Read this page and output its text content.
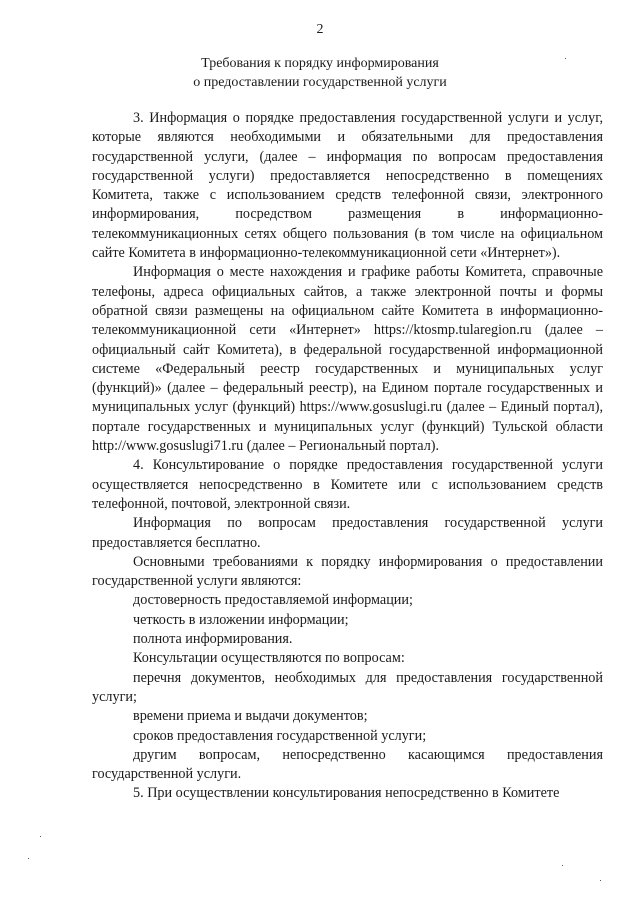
2
Требования к порядку информирования
о предоставлении государственной услуги

3. Информация о порядке предоставления государственной услуги и услуг, которые являются необходимыми и обязательными для предоставления государственной услуги, (далее – информация по вопросам предоставления государственной услуги) предоставляется непосредственно в помещениях Комитета, также с использованием средств телефонной связи, электронного информирования, посредством размещения в информационно-телекоммуникационных сетях общего пользования (в том числе на официальном сайте Комитета в информационно-телекоммуникационной сети «Интернет»).

Информация о месте нахождения и графике работы Комитета, справочные телефоны, адреса официальных сайтов, а также электронной почты и формы обратной связи размещены на официальном сайте Комитета в информационно-телекоммуникационной сети «Интернет» https://ktosmp.tularegion.ru (далее – официальный сайт Комитета), в федеральной государственной информационной системе «Федеральный реестр государственных и муниципальных услуг (функций)» (далее – федеральный реестр), на Едином портале государственных и муниципальных услуг (функций) https://www.gosuslugi.ru (далее – Единый портал), портале государственных и муниципальных услуг (функций) Тульской области http://www.gosuslugi71.ru (далее – Региональный портал).

4. Консультирование о порядке предоставления государственной услуги осуществляется непосредственно в Комитете или с использованием средств телефонной, почтовой, электронной связи.

Информация по вопросам предоставления государственной услуги предоставляется бесплатно.

Основными требованиями к порядку информирования о предоставлении государственной услуги являются:

достоверность предоставляемой информации;

четкость в изложении информации;

полнота информирования.

Консультации осуществляются по вопросам:

перечня документов, необходимых для предоставления государственной услуги;

времени приема и выдачи документов;

сроков предоставления государственной услуги;

другим вопросам, непосредственно касающимся предоставления государственной услуги.

5. При осуществлении консультирования непосредственно в Комитете
